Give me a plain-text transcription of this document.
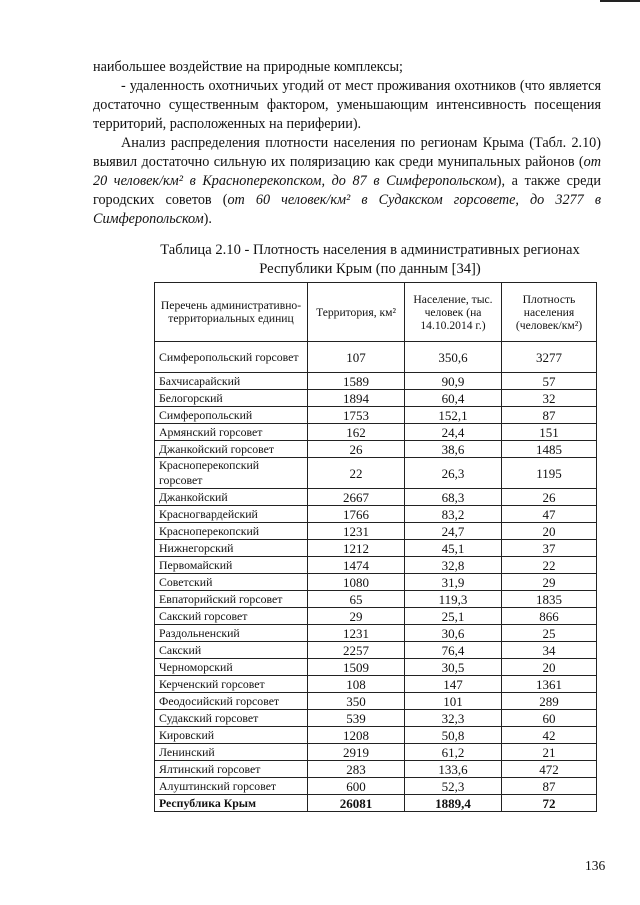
наибольшее воздействие на природные комплексы;

- удаленность охотничьих угодий от мест проживания охотников (что является достаточно существенным фактором, уменьшающим интенсивность посещения территорий, расположенных на периферии).

Анализ распределения плотности населения по регионам Крыма (Табл. 2.10) выявил достаточно сильную их поляризацию как среди мунипальных районов (от 20 человек/км² в Красноперекопском, до 87 в Симферопольском), а также среди городских советов (от 60 человек/км² в Судакском горсовете, до 3277 в Симферопольском).

Таблица 2.10 - Плотность населения в административных регионах
Республики Крым (по данным [34])
Перечень административно-территориальных единиц	Территория, км²	Население, тыс. человек (на 14.10.2014 г.)	Плотность населения (человек/км²)
Симферопольский горсовет	107	350,6	3277
Бахчисарайский	1589	90,9	57
Белогорский	1894	60,4	32
Симферопольский	1753	152,1	87
Армянский горсовет	162	24,4	151
Джанкойский горсовет	26	38,6	1485
Красноперекопский горсовет	22	26,3	1195
Джанкойский	2667	68,3	26
Красногвардейский	1766	83,2	47
Красноперекопский	1231	24,7	20
Нижнегорский	1212	45,1	37
Первомайский	1474	32,8	22
Советский	1080	31,9	29
Евпаторийский горсовет	65	119,3	1835
Сакский горсовет	29	25,1	866
Раздольненский	1231	30,6	25
Сакский	2257	76,4	34
Черноморский	1509	30,5	20
Керченский горсовет	108	147	1361
Феодосийский горсовет	350	101	289
Судакский горсовет	539	32,3	60
Кировский	1208	50,8	42
Ленинский	2919	61,2	21
Ялтинский горсовет	283	133,6	472
Алуштинский горсовет	600	52,3	87
Республика Крым	26081	1889,4	72
136
